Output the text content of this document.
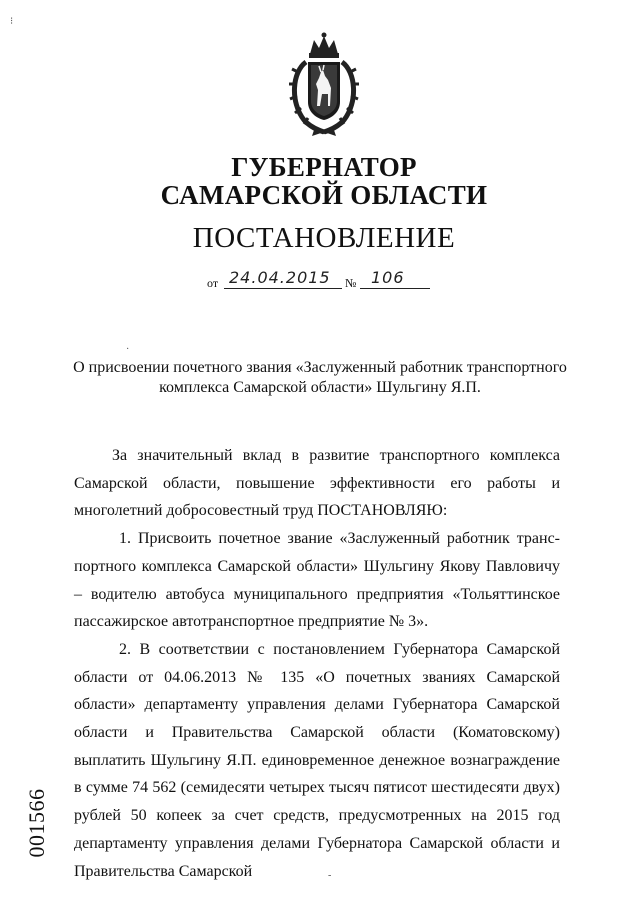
ГУБЕРНАТОР
САМАРСКОЙ ОБЛАСТИ
ПОСТАНОВЛЕНИЕ
от 24.04.2015 № 106
О присвоении почетного звания «Заслуженный работник транспортного комплекса Самарской области» Шульгину Я.П.

За значительный вклад в развитие транспортного комплекса Самарской области, повышение эффективности его работы и многолетний добросовестный труд ПОСТАНОВЛЯЮ:

1. Присвоить почетное звание «Заслуженный работник транспортного комплекса Самарской области» Шульгину Якову Павловичу – водителю автобуса муниципального предприятия «Тольяттинское пассажирское автотранспортное предприятие № 3».

2. В соответствии с постановлением Губернатора Самарской области от 04.06.2013 № 135 «О почетных званиях Самарской области» департаменту управления делами Губернатора Самарской области и Правительства Самарской области (Коматовскому) выплатить Шульгину Я.П. единовременное денежное вознаграждение в сумме 74 562 (семидесяти четырех тысяч пятисот шестидесяти двух) рублей 50 копеек за счет средств, предусмотренных на 2015 год департаменту управления делами Губернатора Самарской области и Правительства Самарской

001566
⁝
·
-
